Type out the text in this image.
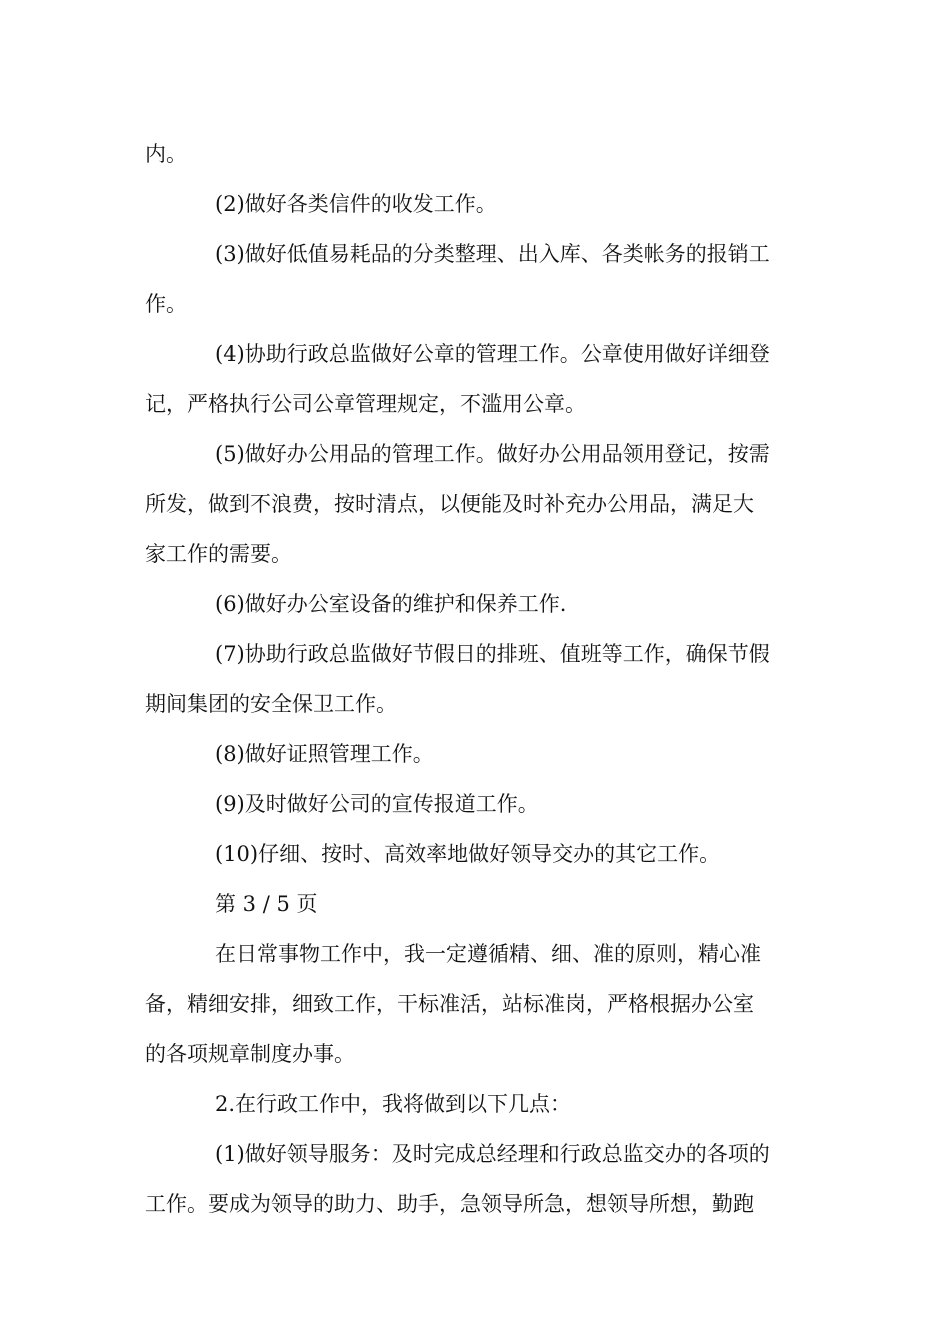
内。
(2)做好各类信件的收发工作。
(3)做好低值易耗品的分类整理、出入库、各类帐务的报销工
作。
(4)协助行政总监做好公章的管理工作。公章使用做好详细登
记，严格执行公司公章管理规定，不滥用公章。
(5)做好办公用品的管理工作。做好办公用品领用登记，按需
所发，做到不浪费，按时清点，以便能及时补充办公用品，满足大
家工作的需要。
(6)做好办公室设备的维护和保养工作.
(7)协助行政总监做好节假日的排班、值班等工作，确保节假
期间集团的安全保卫工作。
(8)做好证照管理工作。
(9)及时做好公司的宣传报道工作。
(10)仔细、按时、高效率地做好领导交办的其它工作。
第 3 / 5 页
在日常事物工作中，我一定遵循精、细、准的原则，精心准
备，精细安排，细致工作，干标准活，站标准岗，严格根据办公室
的各项规章制度办事。
2.在行政工作中，我将做到以下几点：
(1)做好领导服务：及时完成总经理和行政总监交办的各项的
工作。要成为领导的助力、助手，急领导所急，想领导所想，勤跑
